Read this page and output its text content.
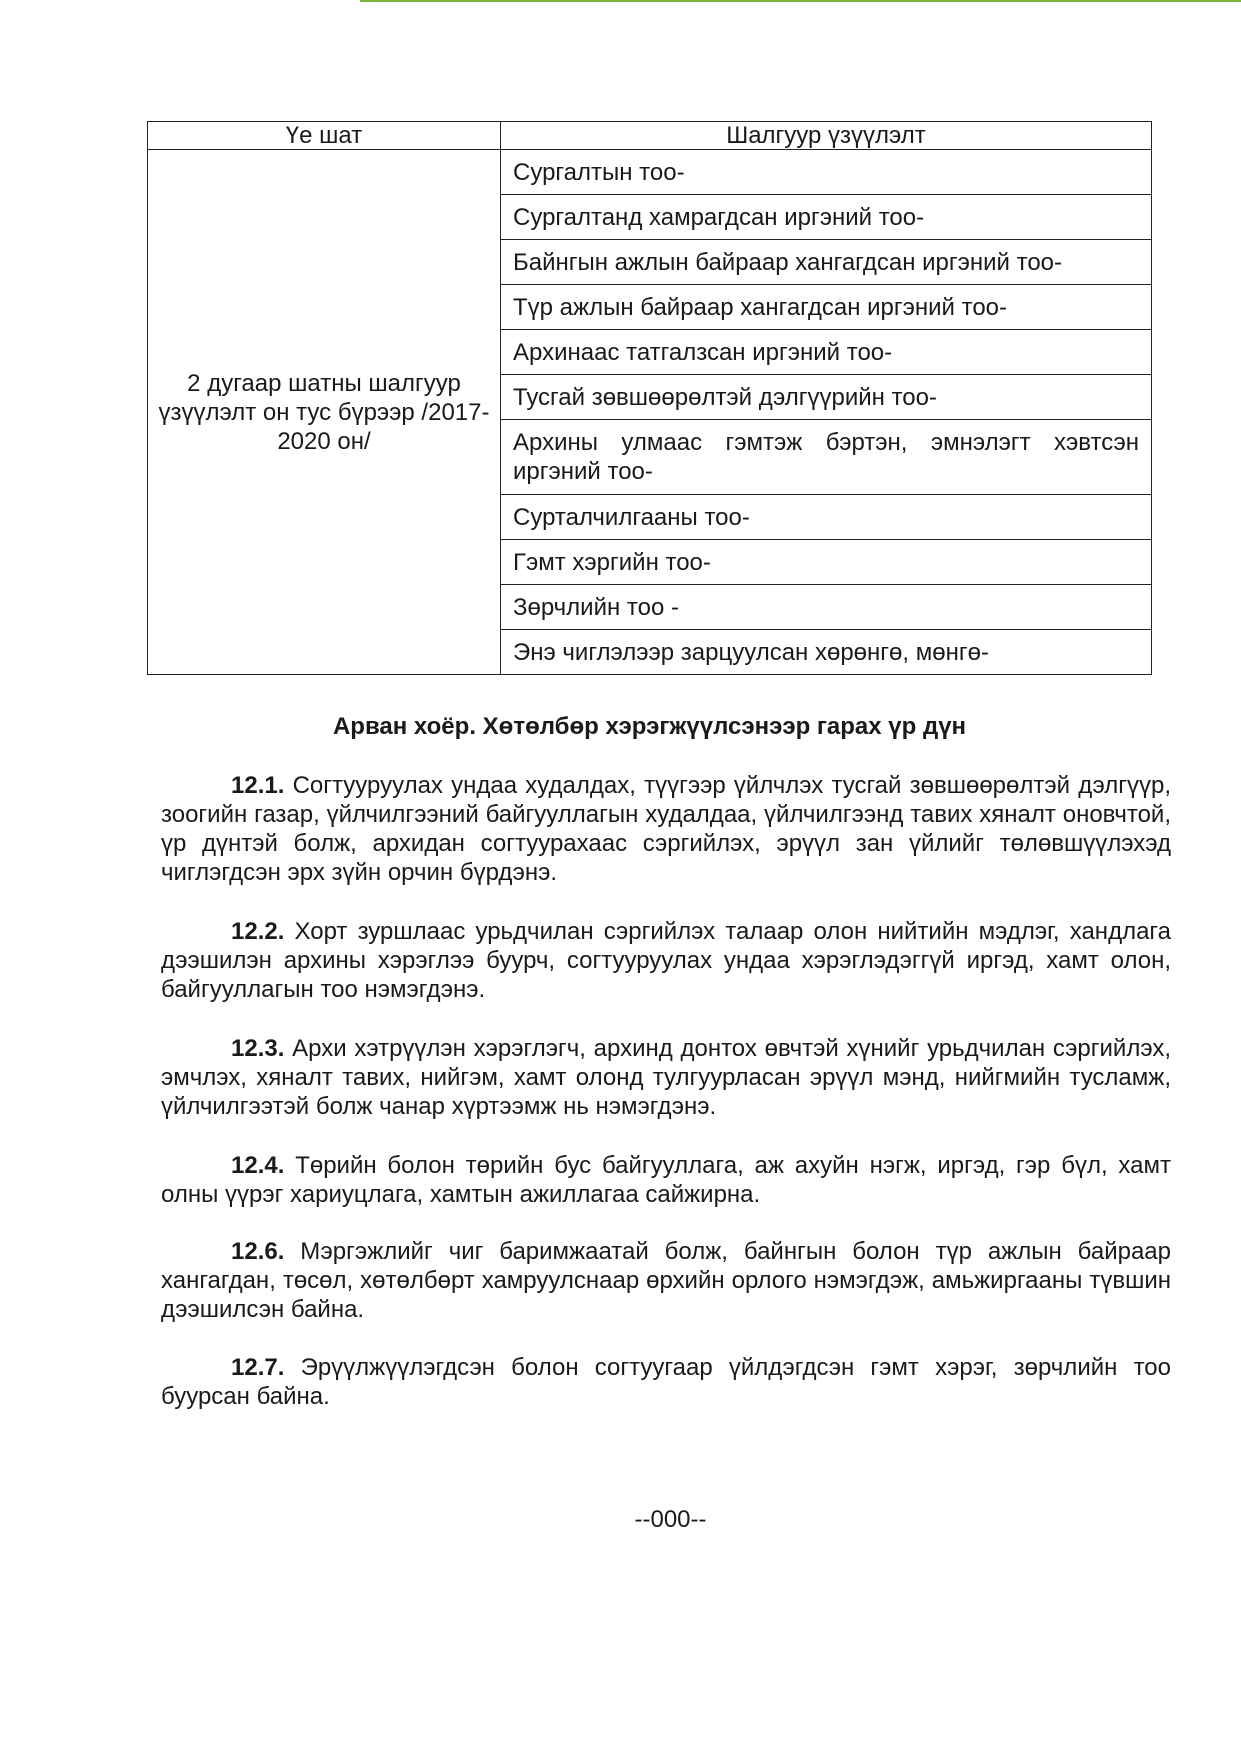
Үе шат	Шалгуур үзүүлэлт
2 дугаар шатны шалгуур үзүүлэлт он тус бүрээр /2017-2020 он/	Сургалтын тоо-
	Сургалтанд хамрагдсан иргэний тоо-
	Байнгын ажлын байраар хангагдсан иргэний тоо-
	Түр ажлын байраар хангагдсан иргэний тоо-
	Архинаас татгалзсан иргэний тоо-
	Тусгай зөвшөөрөлтэй дэлгүүрийн тоо-
	Архины улмаас гэмтэж бэртэн, эмнэлэгт хэвтсэн иргэний тоо-
	Сурталчилгааны тоо-
	Гэмт хэргийн тоо-
	Зөрчлийн тоо -
	Энэ чиглэлээр зарцуулсан хөрөнгө, мөнгө-
Арван хоёр. Хөтөлбөр хэрэгжүүлсэнээр гарах үр дүн

12.1. Согтууруулах ундаа худалдах, түүгээр үйлчлэх тусгай зөвшөөрөлтэй дэлгүүр, зоогийн газар, үйлчилгээний байгууллагын худалдаа, үйлчилгээнд тавих хяналт оновчтой, үр дүнтэй болж, архидан согтуурахаас сэргийлэх, эрүүл зан үйлийг төлөвшүүлэхэд чиглэгдсэн эрх зүйн орчин бүрдэнэ.

12.2. Хорт зуршлаас урьдчилан сэргийлэх талаар олон нийтийн мэдлэг, хандлага дээшилэн архины хэрэглээ буурч, согтууруулах ундаа хэрэглэдэггүй иргэд, хамт олон, байгууллагын тоо нэмэгдэнэ.

12.3. Архи хэтрүүлэн хэрэглэгч, архинд донтох өвчтэй хүнийг урьдчилан сэргийлэх, эмчлэх, хяналт тавих, нийгэм, хамт олонд тулгуурласан эрүүл мэнд, нийгмийн тусламж, үйлчилгээтэй болж чанар хүртээмж нь нэмэгдэнэ.

12.4. Төрийн болон төрийн бус байгууллага, аж ахуйн нэгж, иргэд, гэр бүл, хамт олны үүрэг хариуцлага, хамтын ажиллагаа сайжирна.

12.6. Мэргэжлийг чиг баримжаатай болж, байнгын болон түр ажлын байраар хангагдан, төсөл, хөтөлбөрт хамруулснаар өрхийн орлого нэмэгдэж, амьжиргааны түвшин дээшилсэн байна.

12.7. Эрүүлжүүлэгдсэн болон согтуугаар үйлдэгдсэн гэмт хэрэг, зөрчлийн тоо буурсан байна.

--000--
